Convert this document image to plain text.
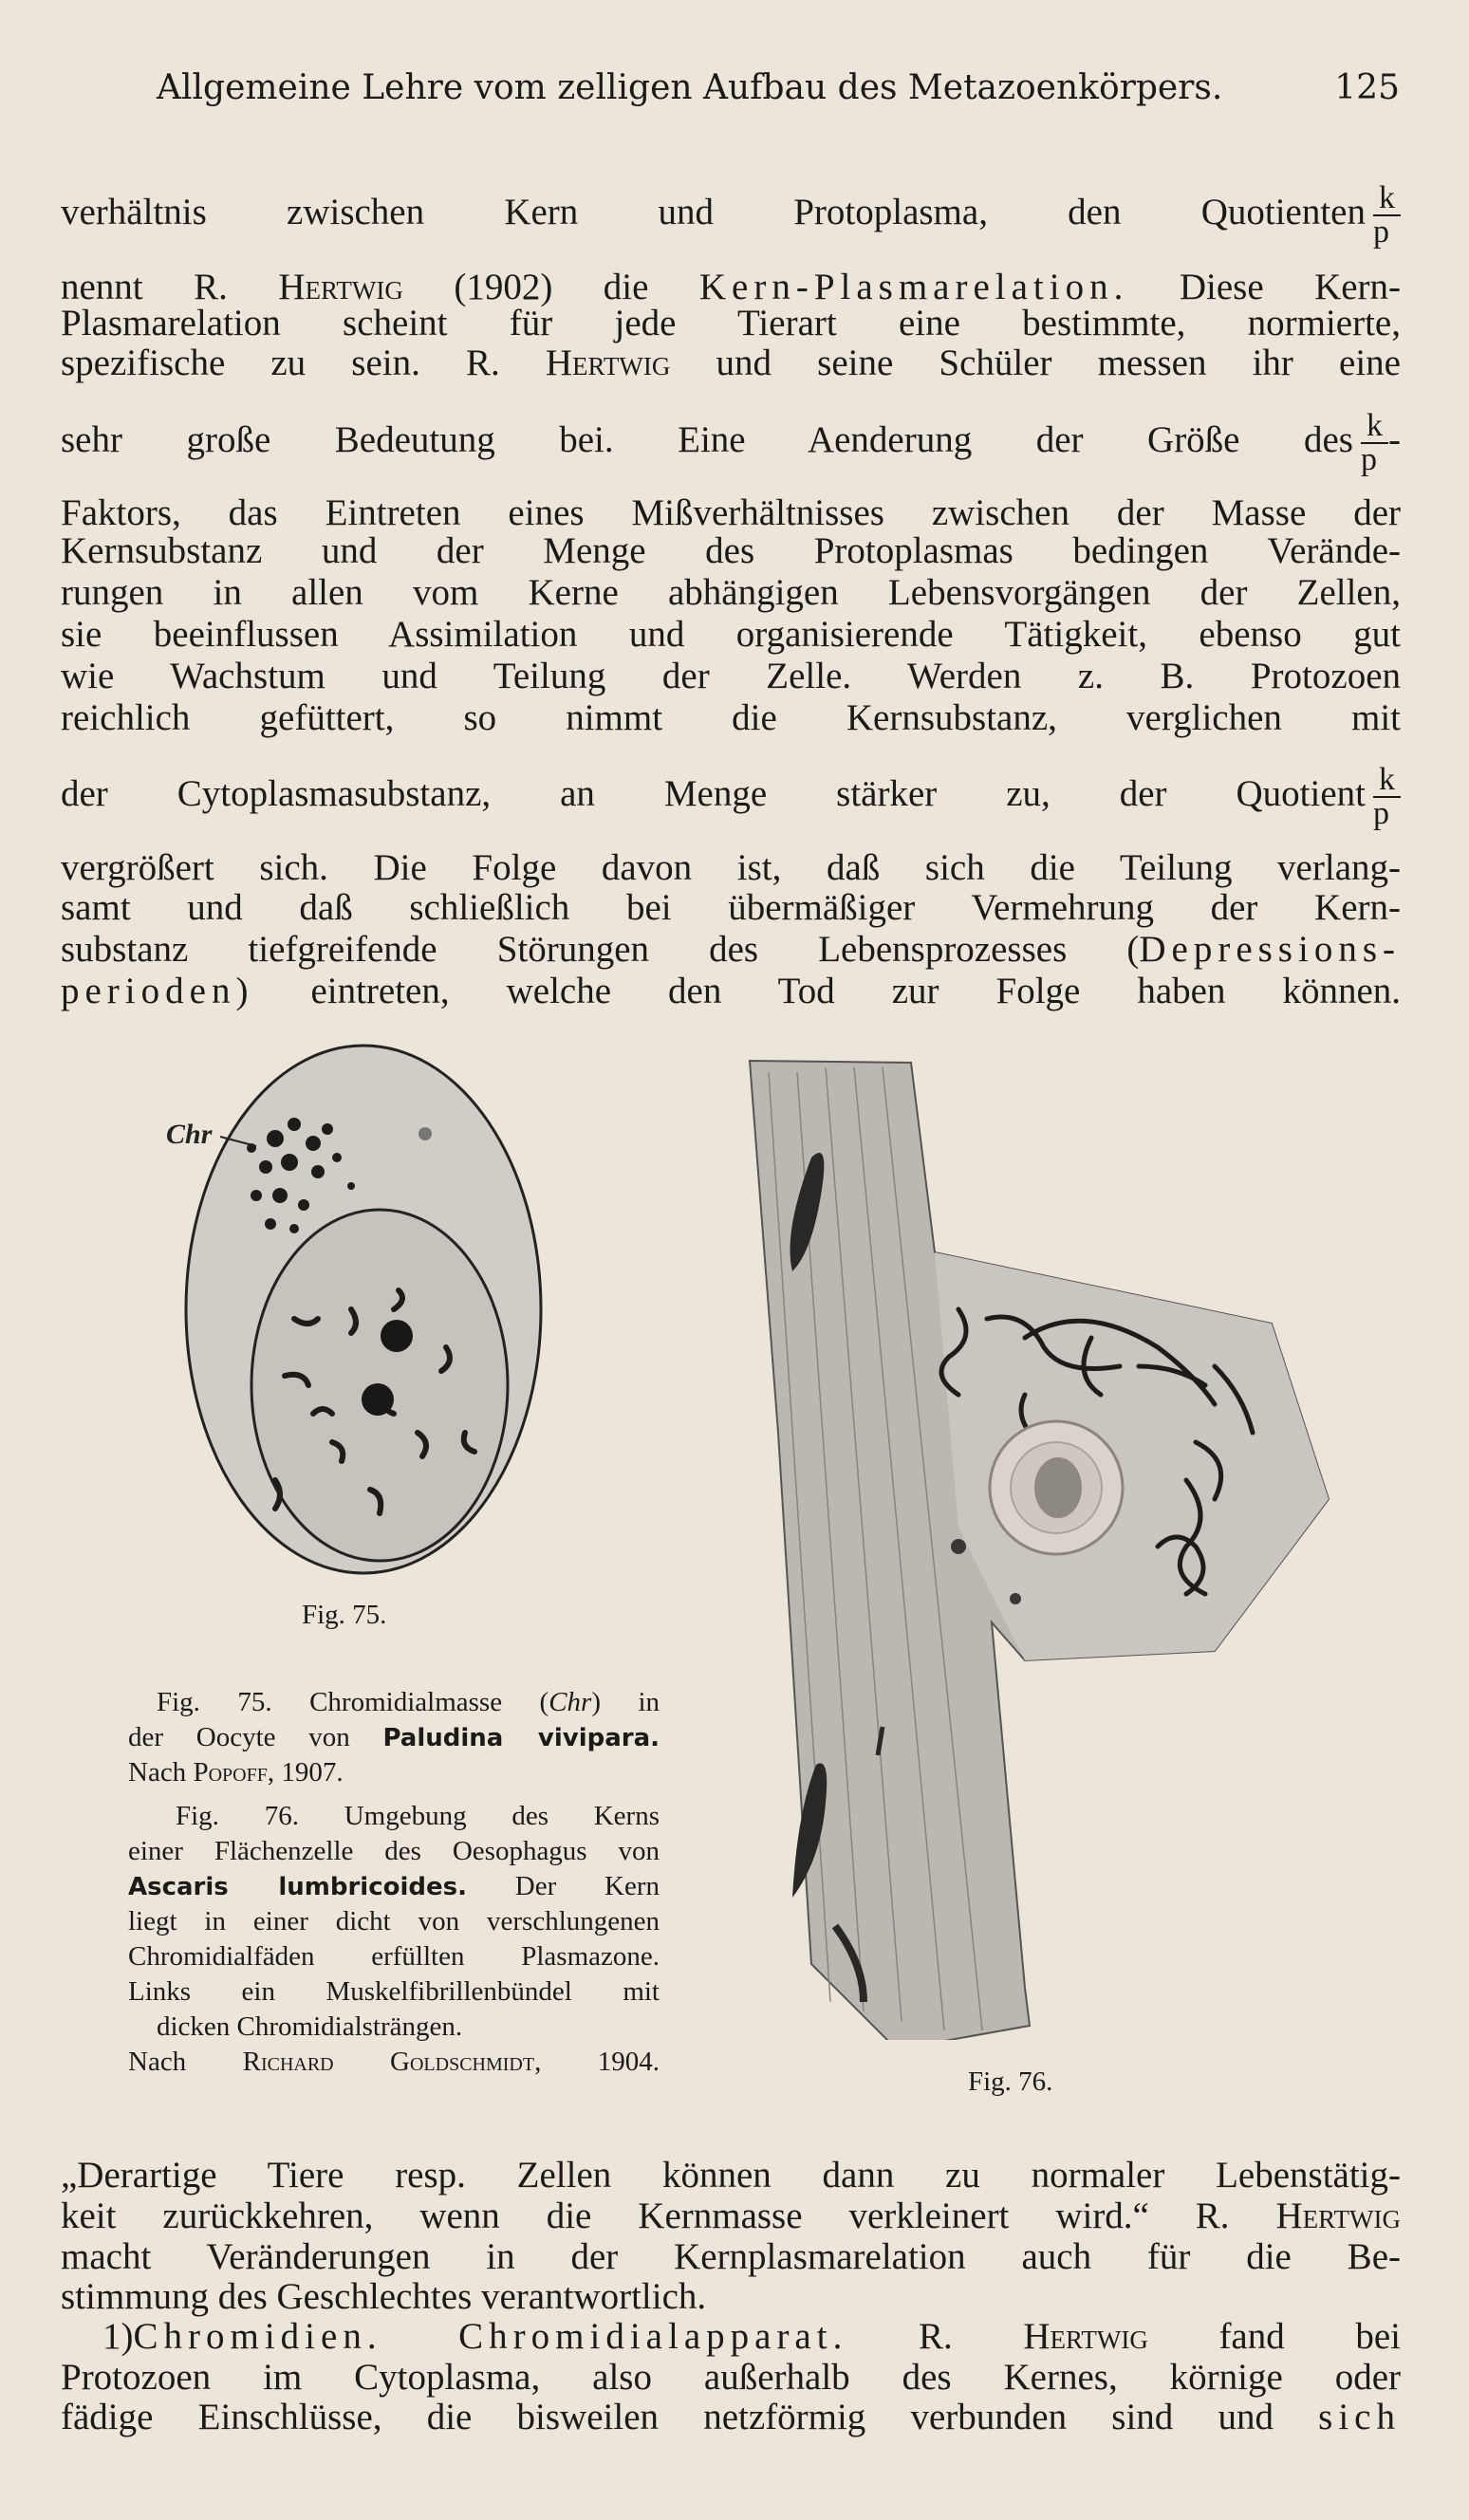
Allgemeine Lehre vom zelligen Aufbau des Metazoenkörpers.	125
verhältnis zwischen Kern und Protoplasma, den Quotienten $\frac{k}{p}$
nennt R. Hertwig (1902) die Kern-Plasmarelation. Diese Kern-
Plasmarelation scheint für jede Tierart eine bestimmte, normierte,
spezifische zu sein. R. Hertwig und seine Schüler messen ihr eine
sehr große Bedeutung bei. Eine Aenderung der Größe des $\frac{k}{p}$ -
Faktors, das Eintreten eines Mißverhältnisses zwischen der Masse der
Kernsubstanz und der Menge des Protoplasmas bedingen Verände-
rungen in allen vom Kerne abhängigen Lebensvorgängen der Zellen,
sie beeinflussen Assimilation und organisierende Tätigkeit, ebenso gut
wie Wachstum und Teilung der Zelle. Werden z. B. Protozoen
reichlich gefüttert, so nimmt die Kernsubstanz, verglichen mit
der Cytoplasmasubstanz, an Menge stärker zu, der Quotient $\frac{k}{p}$
vergrößert sich. Die Folge davon ist, daß sich die Teilung verlang-
samt und daß schließlich bei übermäßiger Vermehrung der Kern-
substanz tiefgreifende Störungen des Lebensprozesses (Depressions-
perioden) eintreten, welche den Tod zur Folge haben können.
Chr
Fig. 75.
Fig. 76.
Fig. 75. Chromidialmasse (Chr) in
der Oocyte von Paludina vivipara.
Nach Popoff, 1907.
Fig. 76. Umgebung des Kerns
einer Flächenzelle des Oesophagus von
Ascaris lumbricoides. Der Kern
liegt in einer dicht von verschlungenen
Chromidialfäden erfüllten Plasmazone.
Links ein Muskelfibrillenbündel mit
dicken Chromidialsträngen.
Nach Richard Goldschmidt, 1904.
„Derartige Tiere resp. Zellen können dann zu normaler Lebenstätig-
keit zurückkehren, wenn die Kernmasse verkleinert wird.“ R. Hertwig
macht Veränderungen in der Kernplasmarelation auch für die Be-
stimmung des Geschlechtes verantwortlich.
1)Chromidien. Chromidialapparat. R. Hertwig fand bei
Protozoen im Cytoplasma, also außerhalb des Kernes, körnige oder
fädige Einschlüsse, die bisweilen netzförmig verbunden sind und sich
